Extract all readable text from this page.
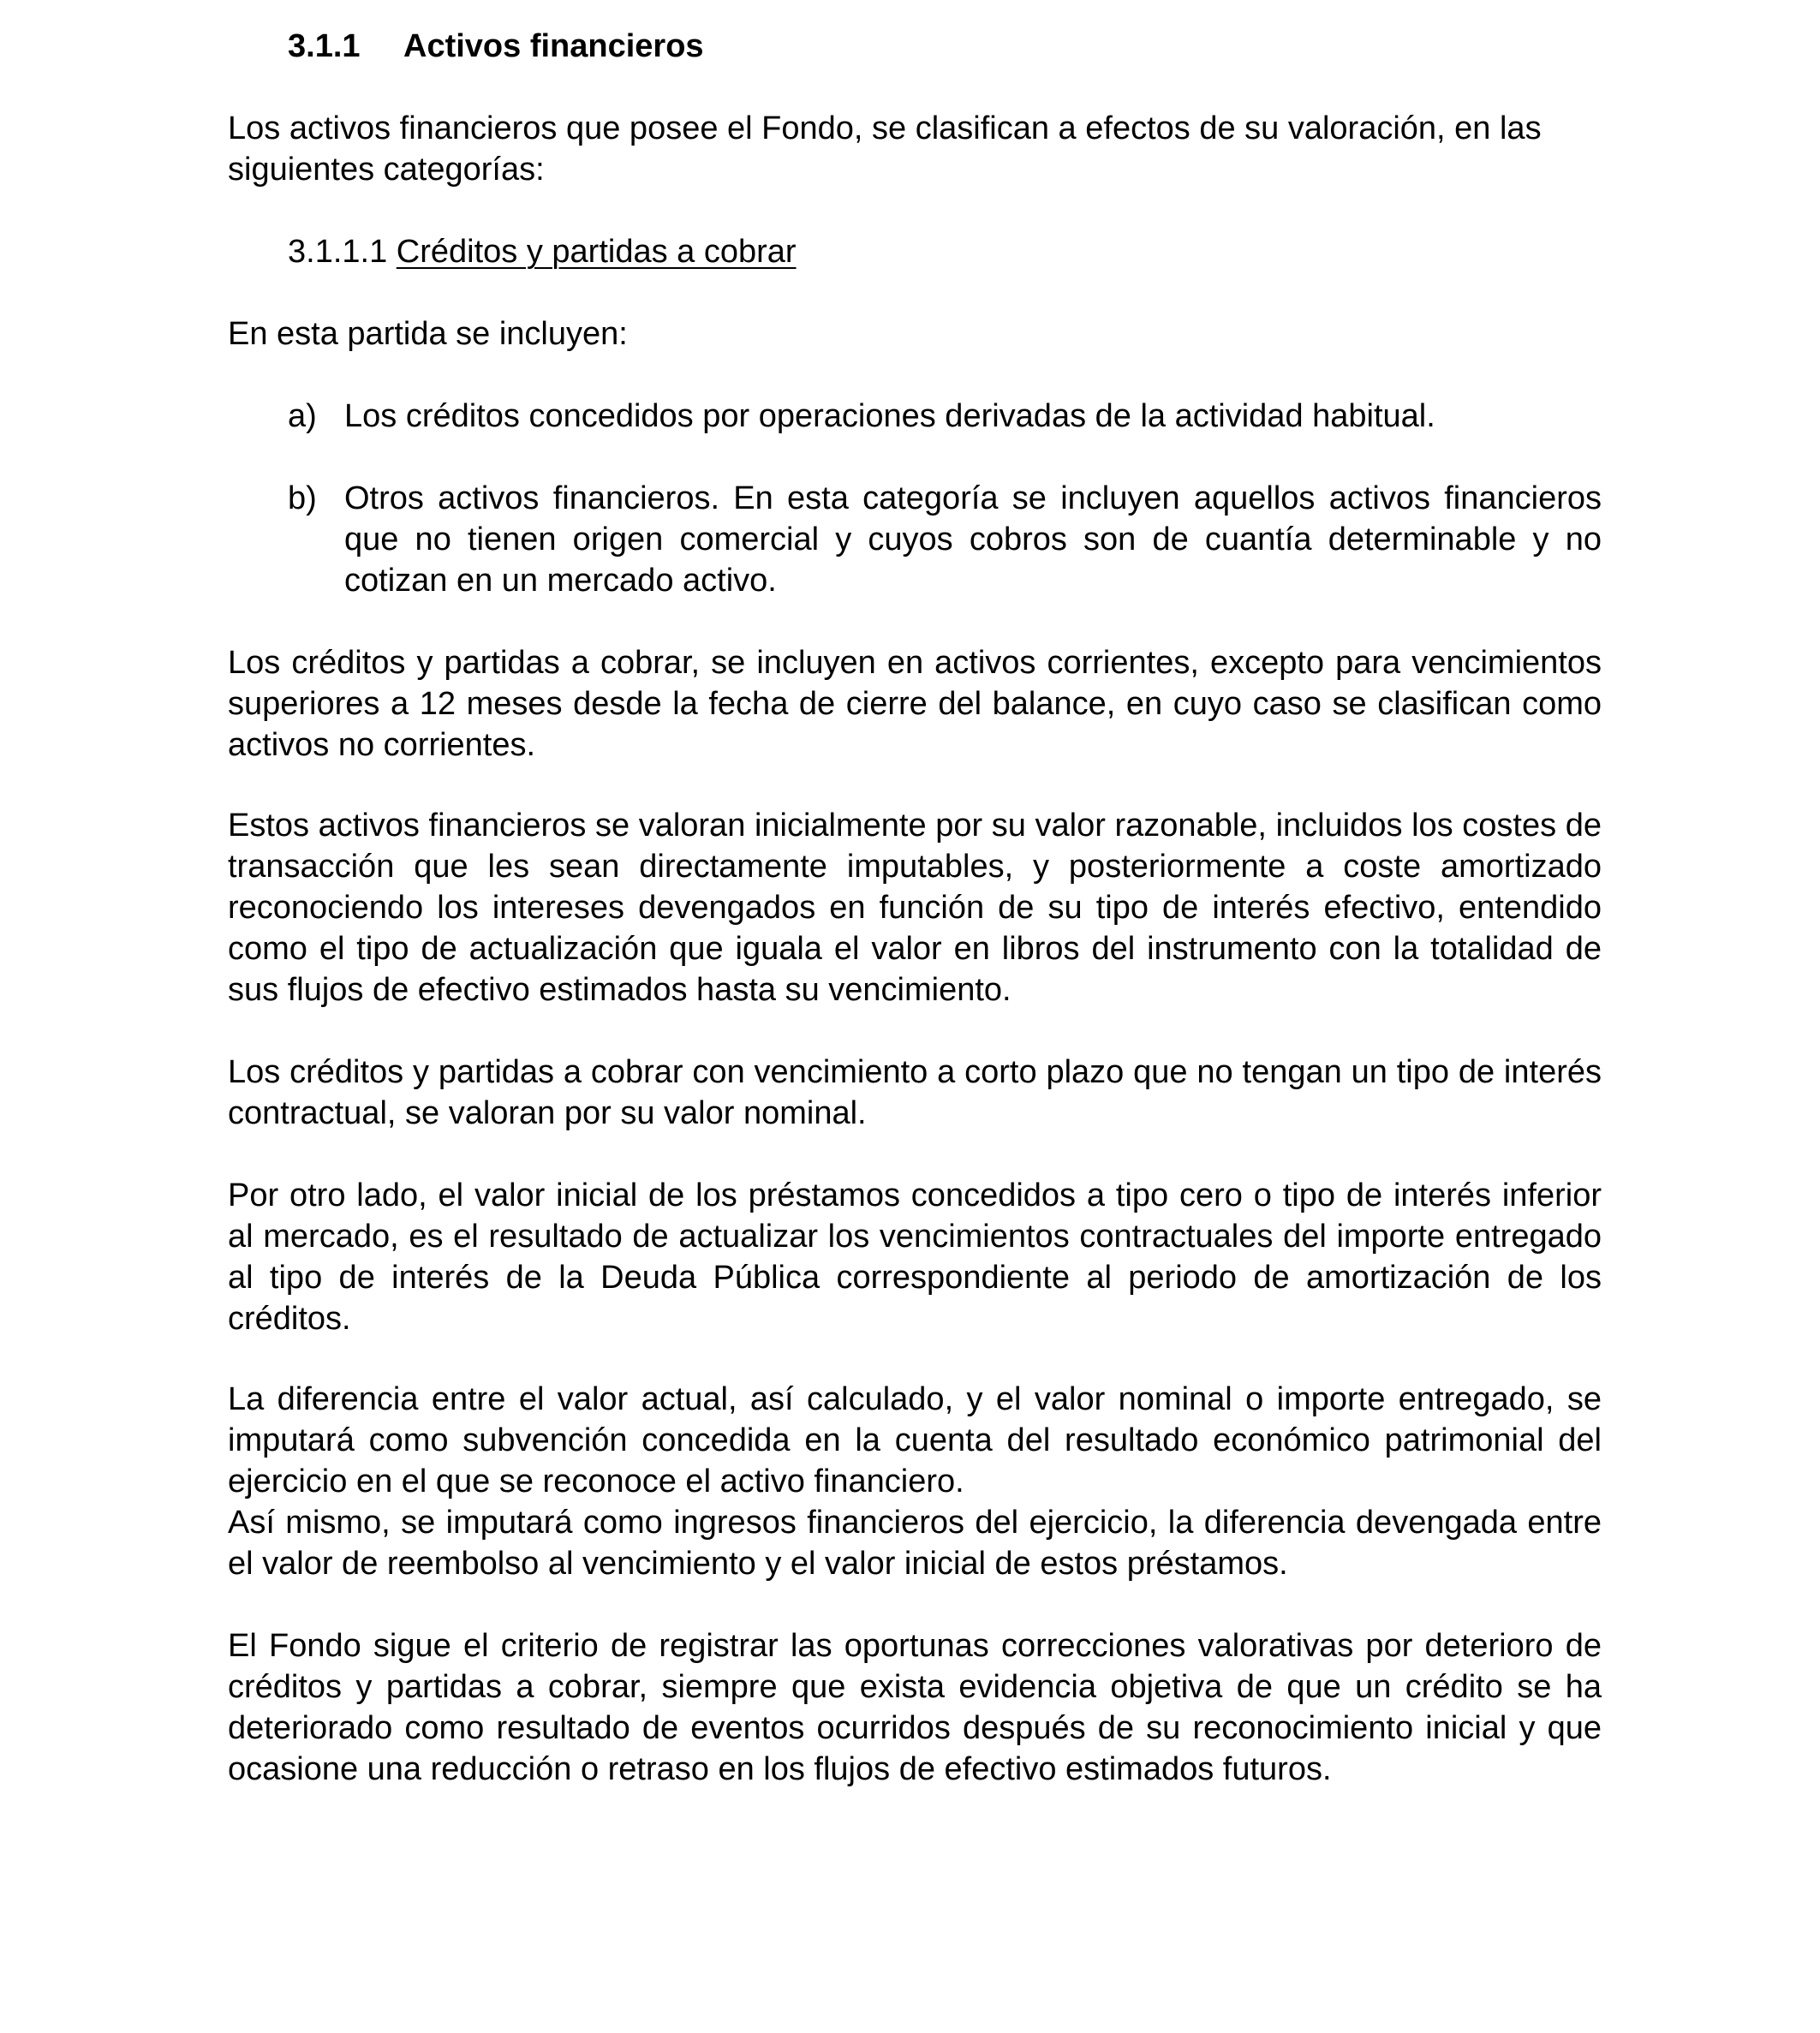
3.1.1 Activos financieros

Los activos financieros que posee el Fondo, se clasifican a efectos de su valoración, en las siguientes categorías:

3.1.1.1 Créditos y partidas a cobrar

En esta partida se incluyen:

a) Los créditos concedidos por operaciones derivadas de la actividad habitual.
b) Otros activos financieros. En esta categoría se incluyen aquellos activos financieros que no tienen origen comercial y cuyos cobros son de cuantía determinable y no cotizan en un mercado activo.

Los créditos y partidas a cobrar, se incluyen en activos corrientes, excepto para vencimientos superiores a 12 meses desde la fecha de cierre del balance, en cuyo caso se clasifican como activos no corrientes.

Estos activos financieros se valoran inicialmente por su valor razonable, incluidos los costes de transacción que les sean directamente imputables, y posteriormente a coste amortizado reconociendo los intereses devengados en función de su tipo de interés efectivo, entendido como el tipo de actualización que iguala el valor en libros del instrumento con la totalidad de sus flujos de efectivo estimados hasta su vencimiento.

Los créditos y partidas a cobrar con vencimiento a corto plazo que no tengan un tipo de interés contractual, se valoran por su valor nominal.

Por otro lado, el valor inicial de los préstamos concedidos a tipo cero o tipo de interés inferior al mercado, es el resultado de actualizar los vencimientos contractuales del importe entregado al tipo de interés de la Deuda Pública correspondiente al periodo de amortización de los créditos.

La diferencia entre el valor actual, así calculado, y el valor nominal o importe entregado, se imputará como subvención concedida en la cuenta del resultado económico patrimonial del ejercicio en el que se reconoce el activo financiero.

Así mismo, se imputará como ingresos financieros del ejercicio, la diferencia devengada entre el valor de reembolso al vencimiento y el valor inicial de estos préstamos.

El Fondo sigue el criterio de registrar las oportunas correcciones valorativas por deterioro de créditos y partidas a cobrar, siempre que exista evidencia objetiva de que un crédito se ha deteriorado como resultado de eventos ocurridos después de su reconocimiento inicial y que ocasione una reducción o retraso en los flujos de efectivo estimados futuros.
